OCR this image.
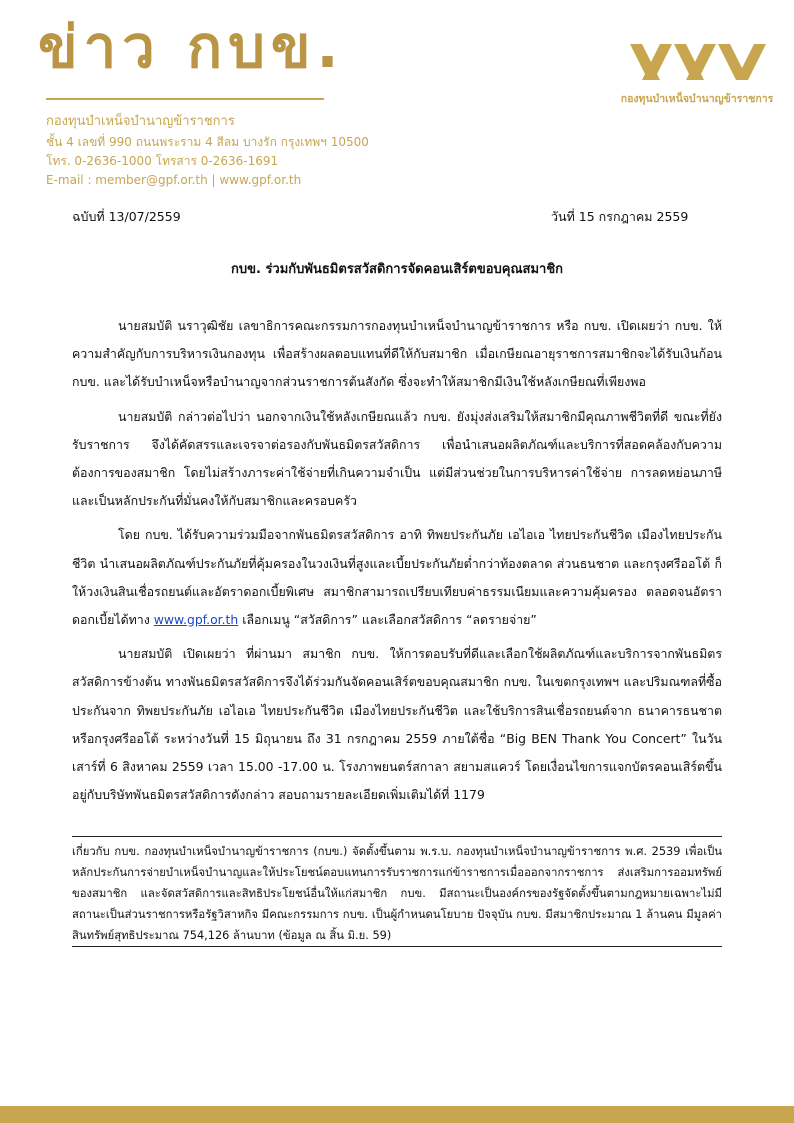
ข่าว กบข.
กองทุนบำเหน็จบำนาญข้าราชการ
ชั้น 4 เลขที่ 990 ถนนพระราม 4 สีลม บางรัก กรุงเทพฯ 10500
โทร. 0-2636-1000 โทรสาร 0-2636-1691
E-mail : member@gpf.or.th | www.gpf.or.th
กองทุนบำเหน็จบำนาญข้าราชการ
ฉบับที่ 13/07/2559	วันที่ 15 กรกฎาคม 2559
กบข. ร่วมกับพันธมิตรสวัสดิการจัดคอนเสิร์ตขอบคุณสมาชิก

นายสมบัติ นราวุฒิชัย เลขาธิการคณะกรรมการกองทุนบำเหน็จบำนาญข้าราชการ หรือ กบข. เปิดเผยว่า กบข. ให้ความสำคัญกับการบริหารเงินกองทุน เพื่อสร้างผลตอบแทนที่ดีให้กับสมาชิก เมื่อเกษียณอายุราชการสมาชิกจะได้รับเงินก้อน กบข. และได้รับบำเหน็จหรือบำนาญจากส่วนราชการต้นสังกัด ซึ่งจะทำให้สมาชิกมีเงินใช้หลังเกษียณที่เพียงพอ

นายสมบัติ กล่าวต่อไปว่า นอกจากเงินใช้หลังเกษียณแล้ว กบข. ยังมุ่งส่งเสริมให้สมาชิกมีคุณภาพชีวิตที่ดี ขณะที่ยังรับราชการ จึงได้คัดสรรและเจรจาต่อรองกับพันธมิตรสวัสดิการ เพื่อนำเสนอผลิตภัณฑ์และบริการที่สอดคล้องกับความต้องการของสมาชิก โดยไม่สร้างภาระค่าใช้จ่ายที่เกินความจำเป็น แต่มีส่วนช่วยในการบริหารค่าใช้จ่าย การลดหย่อนภาษี และเป็นหลักประกันที่มั่นคงให้กับสมาชิกและครอบครัว

โดย กบข. ได้รับความร่วมมือจากพันธมิตรสวัสดิการ อาทิ ทิพยประกันภัย เอไอเอ ไทยประกันชีวิต เมืองไทยประกันชีวิต นำเสนอผลิตภัณฑ์ประกันภัยที่คุ้มครองในวงเงินที่สูงและเบี้ยประกันภัยต่ำกว่าท้องตลาด ส่วนธนชาต และกรุงศรีออโต้ ก็ให้วงเงินสินเชื่อรถยนต์และอัตราดอกเบี้ยพิเศษ สมาชิกสามารถเปรียบเทียบค่าธรรมเนียมและความคุ้มครอง ตลอดจนอัตราดอกเบี้ยได้ทาง www.gpf.or.th เลือกเมนู “สวัสดิการ” และเลือกสวัสดิการ “ลดรายจ่าย”

นายสมบัติ เปิดเผยว่า ที่ผ่านมา สมาชิก กบข. ให้การตอบรับที่ดีและเลือกใช้ผลิตภัณฑ์และบริการจากพันธมิตรสวัสดิการข้างต้น ทางพันธมิตรสวัสดิการจึงได้ร่วมกันจัดคอนเสิร์ตขอบคุณสมาชิก กบข. ในเขตกรุงเทพฯ และปริมณฑลที่ซื้อประกันจาก ทิพยประกันภัย เอไอเอ ไทยประกันชีวิต เมืองไทยประกันชีวิต และใช้บริการสินเชื่อรถยนต์จาก ธนาคารธนชาต หรือกรุงศรีออโต้ ระหว่างวันที่ 15 มิถุนายน ถึง 31 กรกฎาคม 2559 ภายใต้ชื่อ “Big BEN Thank You Concert” ในวันเสาร์ที่ 6 สิงหาคม 2559 เวลา 15.00 -17.00 น. โรงภาพยนตร์สกาลา สยามสแควร์ โดยเงื่อนไขการแจกบัตรคอนเสิร์ตขึ้นอยู่กับบริษัทพันธมิตรสวัสดิการดังกล่าว สอบถามรายละเอียดเพิ่มเติมได้ที่ 1179

เกี่ยวกับ กบข. กองทุนบำเหน็จบำนาญข้าราชการ (กบข.) จัดตั้งขึ้นตาม พ.ร.บ. กองทุนบำเหน็จบำนาญข้าราชการ พ.ศ. 2539 เพื่อเป็นหลักประกันการจ่ายบำเหน็จบำนาญและให้ประโยชน์ตอบแทนการรับราชการแก่ข้าราชการเมื่อออกจากราชการ ส่งเสริมการออมทรัพย์ของสมาชิก และจัดสวัสดิการและสิทธิประโยชน์อื่นให้แก่สมาชิก กบข. มีสถานะเป็นองค์กรของรัฐจัดตั้งขึ้นตามกฎหมายเฉพาะไม่มีสถานะเป็นส่วนราชการหรือรัฐวิสาหกิจ มีคณะกรรมการ กบข. เป็นผู้กำหนดนโยบาย ปัจจุบัน กบข. มีสมาชิกประมาณ 1 ล้านคน มีมูลค่าสินทรัพย์สุทธิประมาณ 754,126 ล้านบาท (ข้อมูล ณ สิ้น มิ.ย. 59)
